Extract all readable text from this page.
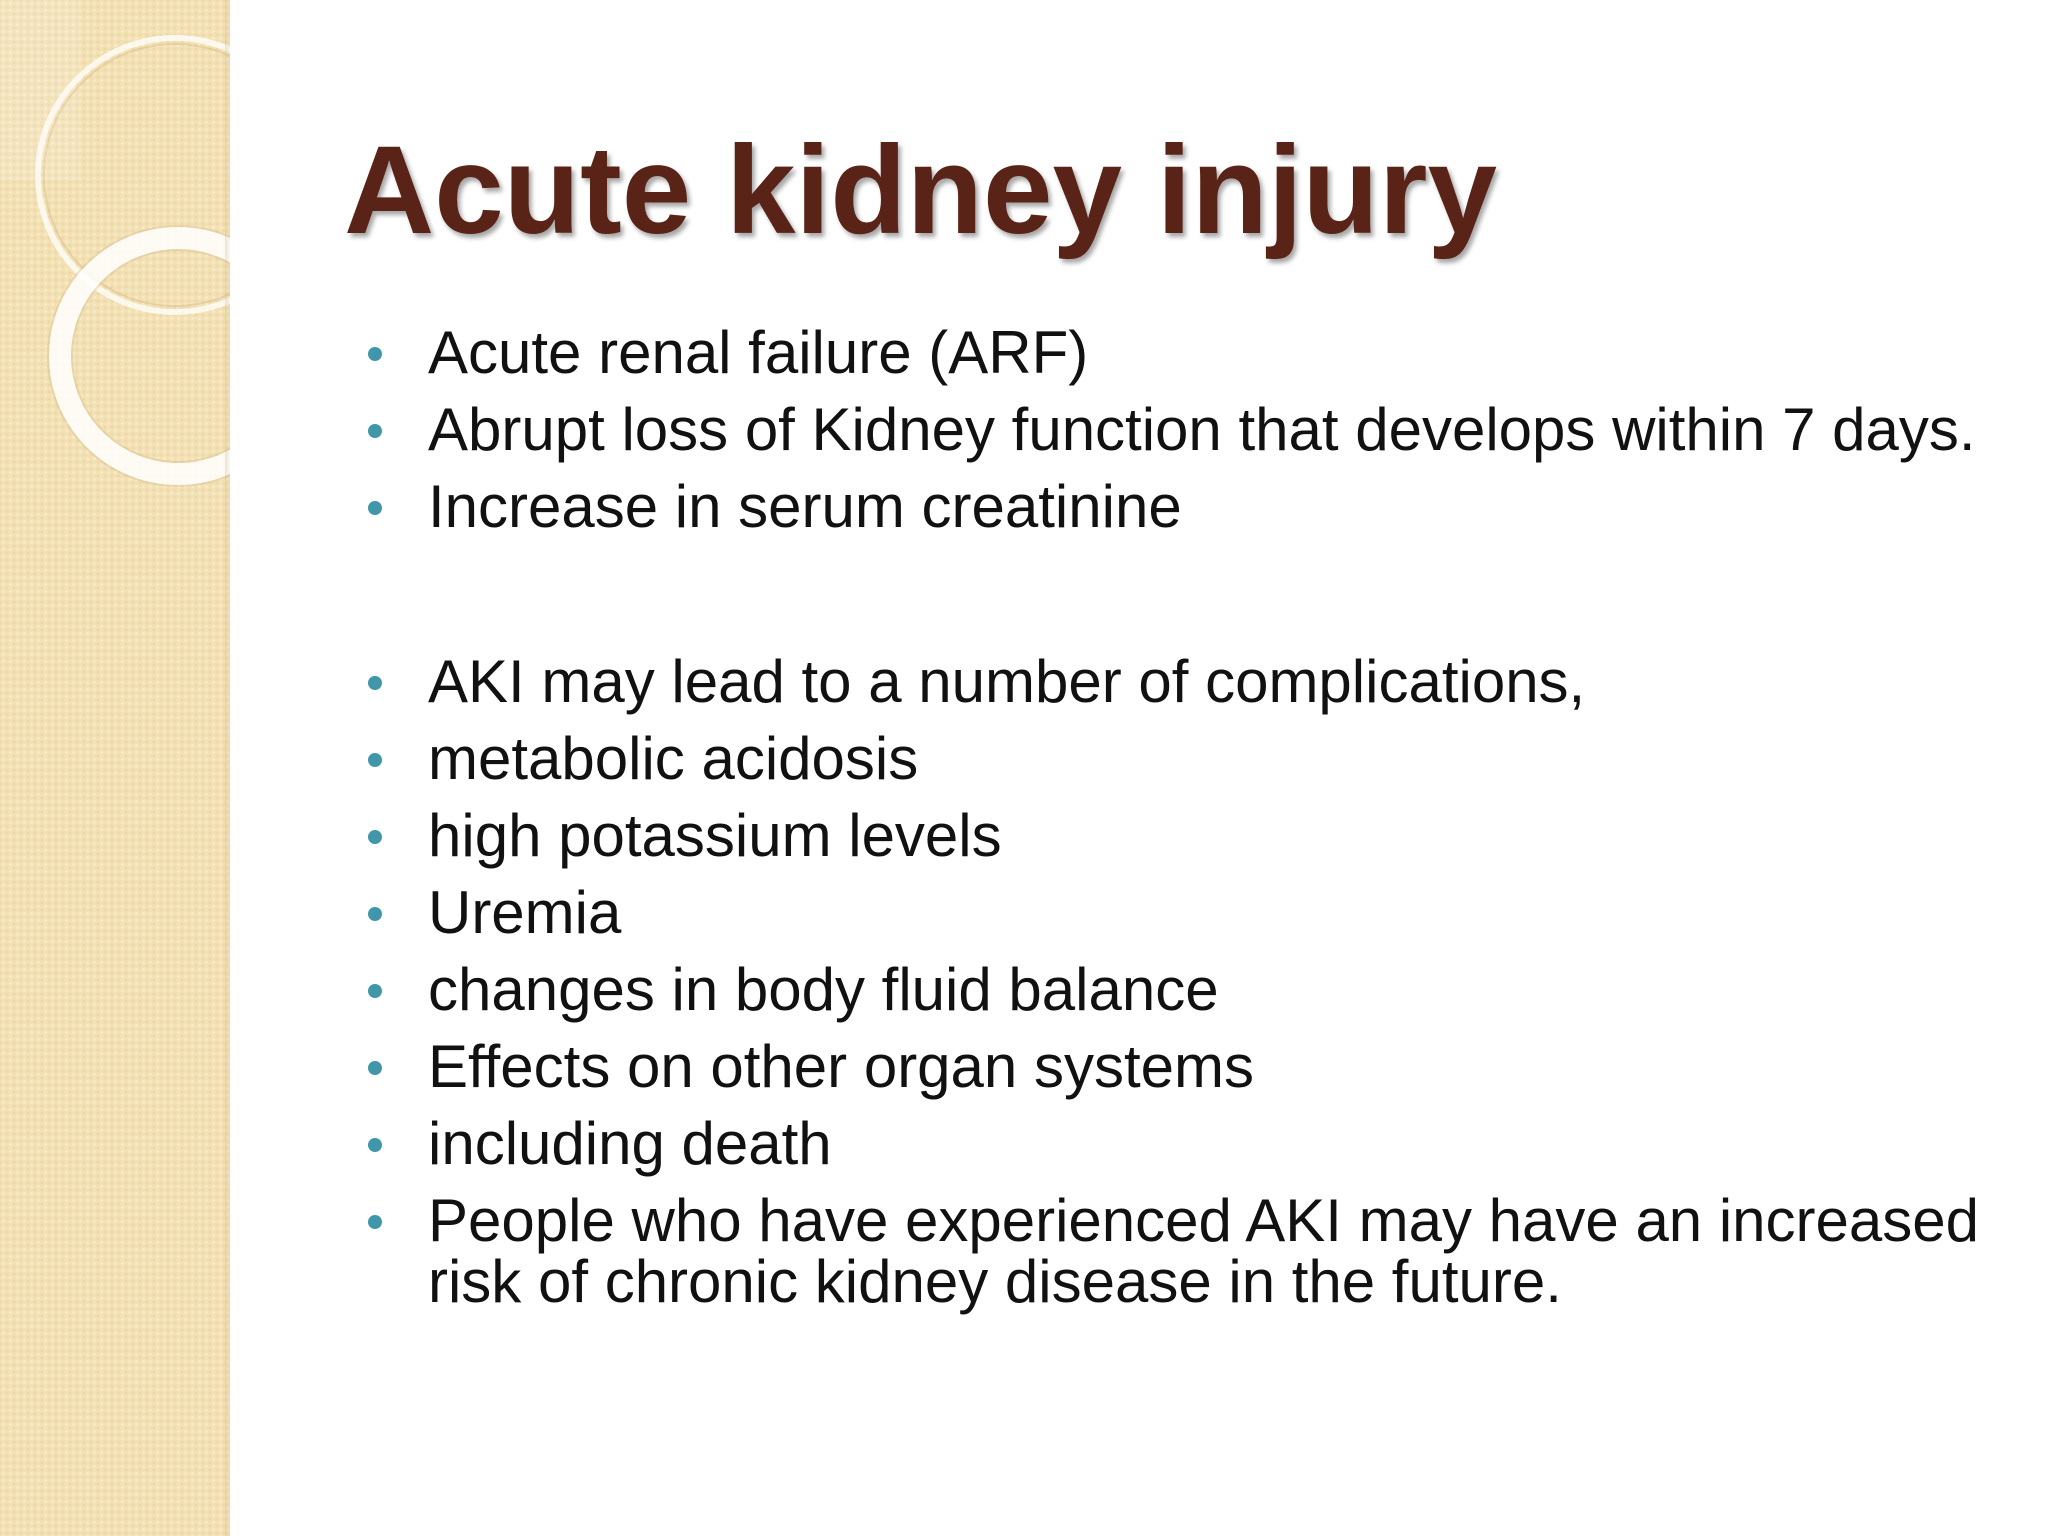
Acute kidney injury
Acute renal failure (ARF)
Abrupt loss of Kidney function that develops within 7 days.
Increase in serum creatinine
AKI may lead to a number of complications,
metabolic acidosis
high potassium levels
Uremia
changes in body fluid balance
Effects on other organ systems
including death
People who have experienced AKI may have an increased risk of chronic kidney disease in the future.
